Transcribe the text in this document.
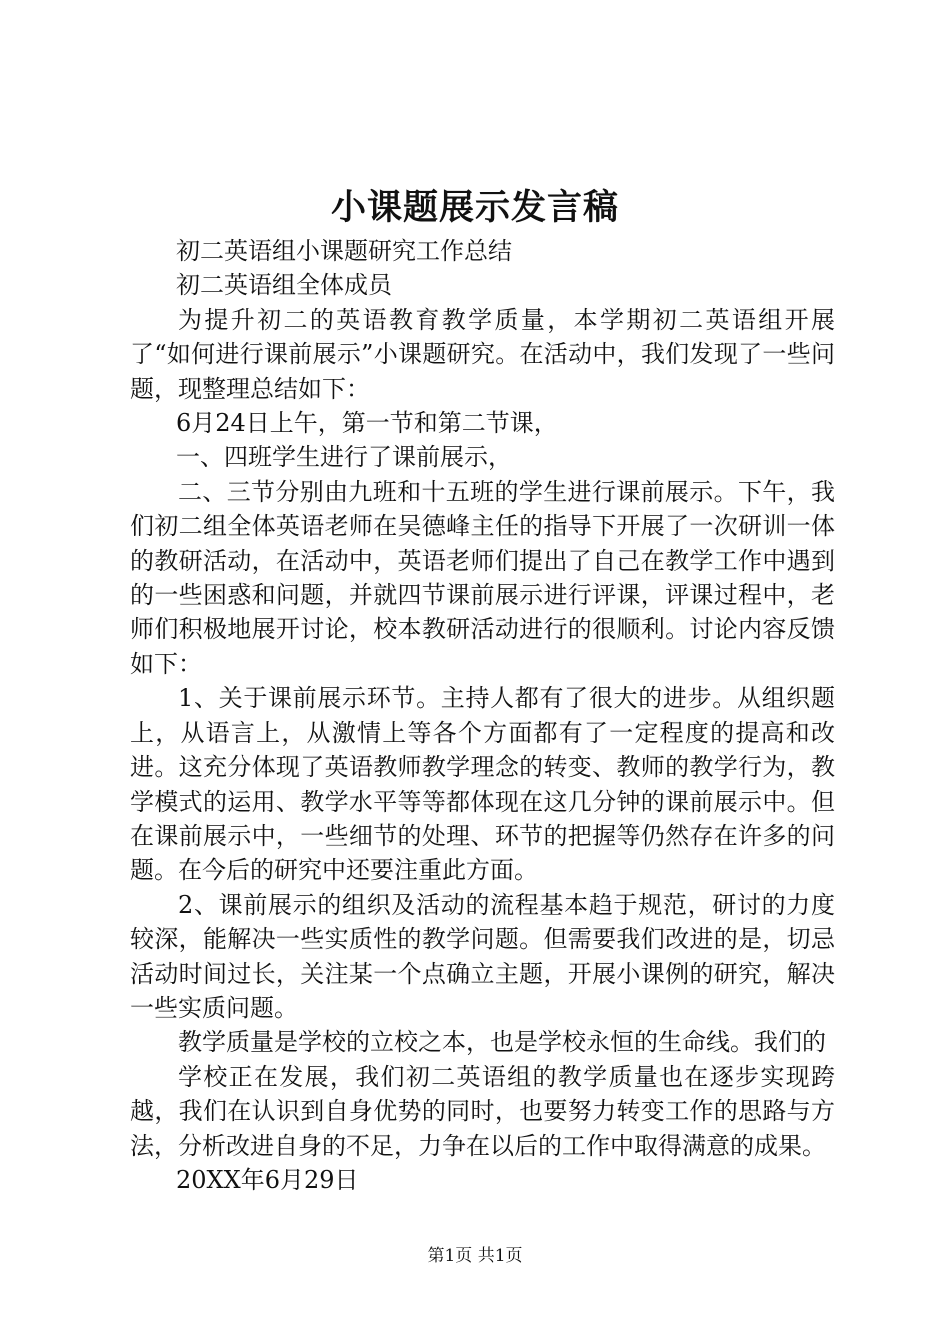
小课题展示发言稿

初二英语组小课题研究工作总结

初二英语组全体成员

为提升初二的英语教育教学质量，本学期初二英语组开展了“如何进行课前展示”小课题研究。在活动中，我们发现了一些问题，现整理总结如下：

6月24日上午，第一节和第二节课，

一、四班学生进行了课前展示，

二、三节分别由九班和十五班的学生进行课前展示。下午，我们初二组全体英语老师在吴德峰主任的指导下开展了一次研训一体的教研活动，在活动中，英语老师们提出了自己在教学工作中遇到的一些困惑和问题，并就四节课前展示进行评课，评课过程中，老师们积极地展开讨论，校本教研活动进行的很顺利。讨论内容反馈如下：

1、关于课前展示环节。主持人都有了很大的进步。从组织题上，从语言上，从激情上等各个方面都有了一定程度的提高和改进。这充分体现了英语教师教学理念的转变、教师的教学行为，教学模式的运用、教学水平等等都体现在这几分钟的课前展示中。但在课前展示中，一些细节的处理、环节的把握等仍然存在许多的问题。在今后的研究中还要注重此方面。

2、课前展示的组织及活动的流程基本趋于规范，研讨的力度较深，能解决一些实质性的教学问题。但需要我们改进的是，切忌活动时间过长，关注某一个点确立主题，开展小课例的研究，解决一些实质问题。

教学质量是学校的立校之本，也是学校永恒的生命线。我们的

学校正在发展，我们初二英语组的教学质量也在逐步实现跨越，我们在认识到自身优势的同时，也要努力转变工作的思路与方法，分析改进自身的不足，力争在以后的工作中取得满意的成果。

20XX年6月29日

第1页 共1页
